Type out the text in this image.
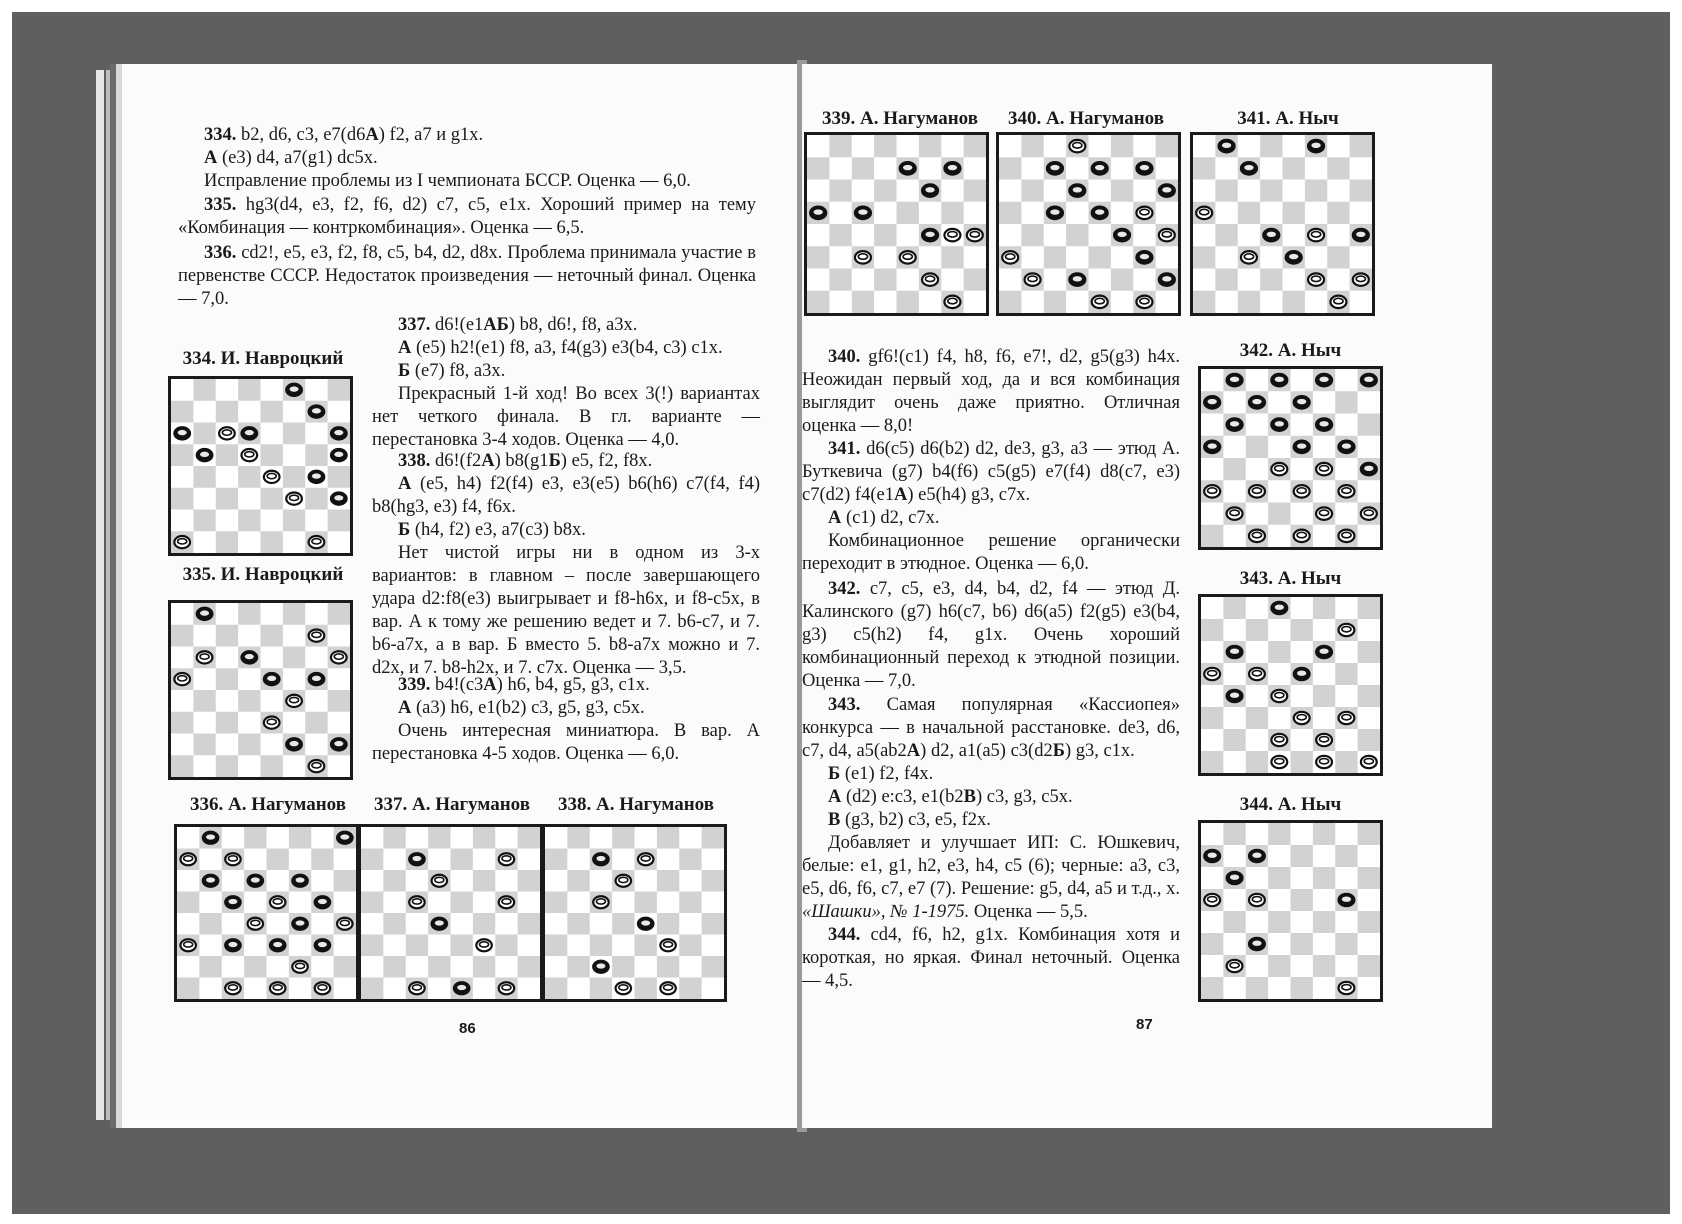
334. b2, d6, c3, e7(d6A) f2, a7 и g1x.
A (e3) d4, a7(g1) dc5x.
Исправление проблемы из I чемпионата БССР. Оценка — 6,0.
335. hg3(d4, e3, f2, f6, d2) c7, c5, e1x. Хороший пример на тему «Комбинация — контркомбинация». Оценка — 6,5.
336. cd2!, e5, e3, f2, f8, c5, b4, d2, d8x. Проблема принимала участие в первенстве СССР. Недостаток произведения — неточный финал. Оценка — 7,0.
337. d6!(e1АБ) b8, d6!, f8, a3x.
A (e5) h2!(e1) f8, a3, f4(g3) e3(b4, c3) c1x.
Б (e7) f8, a3x.
Прекрасный 1-й ход! Во всех 3(!) вариантах нет четкого финала. В гл. варианте — перестановка 3-4 ходов. Оценка — 4,0.
338. d6!(f2A) b8(g1Б) e5, f2, f8x.
A (e5, h4) f2(f4) e3, e3(e5) b6(h6) c7(f4, f4) b8(hg3, e3) f4, f6x.
Б (h4, f2) e3, a7(c3) b8x.
Нет чистой игры ни в одном из 3-х вариантов: в главном – после завершающего удара d2:f8(e3) выигрывает и f8-h6x, и f8-c5x, в вар. А к тому же решению ведет и 7. b6-c7, и 7. b6-a7x, а в вар. Б вместо 5. b8-a7x можно и 7. d2x, и 7. b8-h2x, и 7. c7x. Оценка — 3,5.
339. b4!(c3A) h6, b4, g5, g3, c1x.
A (a3) h6, e1(b2) c3, g5, g3, c5x.
Очень интересная миниатюра. В вар. А перестановка 4-5 ходов. Оценка — 6,0.
334. И. Навроцкий
335. И. Навроцкий
336. А. Нагуманов	337. А. Нагуманов	338. А. Нагуманов
86
339. А. Нагуманов	340. А. Нагуманов	341. А. Ныч
340. gf6!(c1) f4, h8, f6, e7!, d2, g5(g3) h4x. Неожидан первый ход, да и вся комбинация выглядит очень даже приятно. Отличная оценка — 8,0!
341. d6(c5) d6(b2) d2, de3, g3, a3 — этюд А. Буткевича (g7) b4(f6) c5(g5) e7(f4) d8(c7, e3) c7(d2) f4(e1A) e5(h4) g3, c7x.
A (c1) d2, c7x.
Комбинационное решение органически переходит в этюдное. Оценка — 6,0.
342. c7, c5, e3, d4, b4, d2, f4 — этюд Д. Калинского (g7) h6(c7, b6) d6(a5) f2(g5) e3(b4, g3) c5(h2) f4, g1x. Очень хороший комбинационный переход к этюдной позиции. Оценка — 7,0.
343. Самая популярная «Кассиопея» конкурса — в начальной расстановке. de3, d6, c7, d4, a5(ab2A) d2, a1(a5) c3(d2Б) g3, c1x.
Б (e1) f2, f4x.
A (d2) e:c3, e1(b2B) c3, g3, c5x.
B (g3, b2) c3, e5, f2x.
Добавляет и улучшает ИП: С. Юшкевич, белые: e1, g1, h2, e3, h4, c5 (6); черные: a3, c3, e5, d6, f6, c7, e7 (7). Решение: g5, d4, a5 и т.д., x. «Шашки», № 1-1975. Оценка — 5,5.
344. cd4, f6, h2, g1x. Комбинация хотя и короткая, но яркая. Финал неточный. Оценка — 4,5.
342. А. Ныч
343. А. Ныч
344. А. Ныч
87
